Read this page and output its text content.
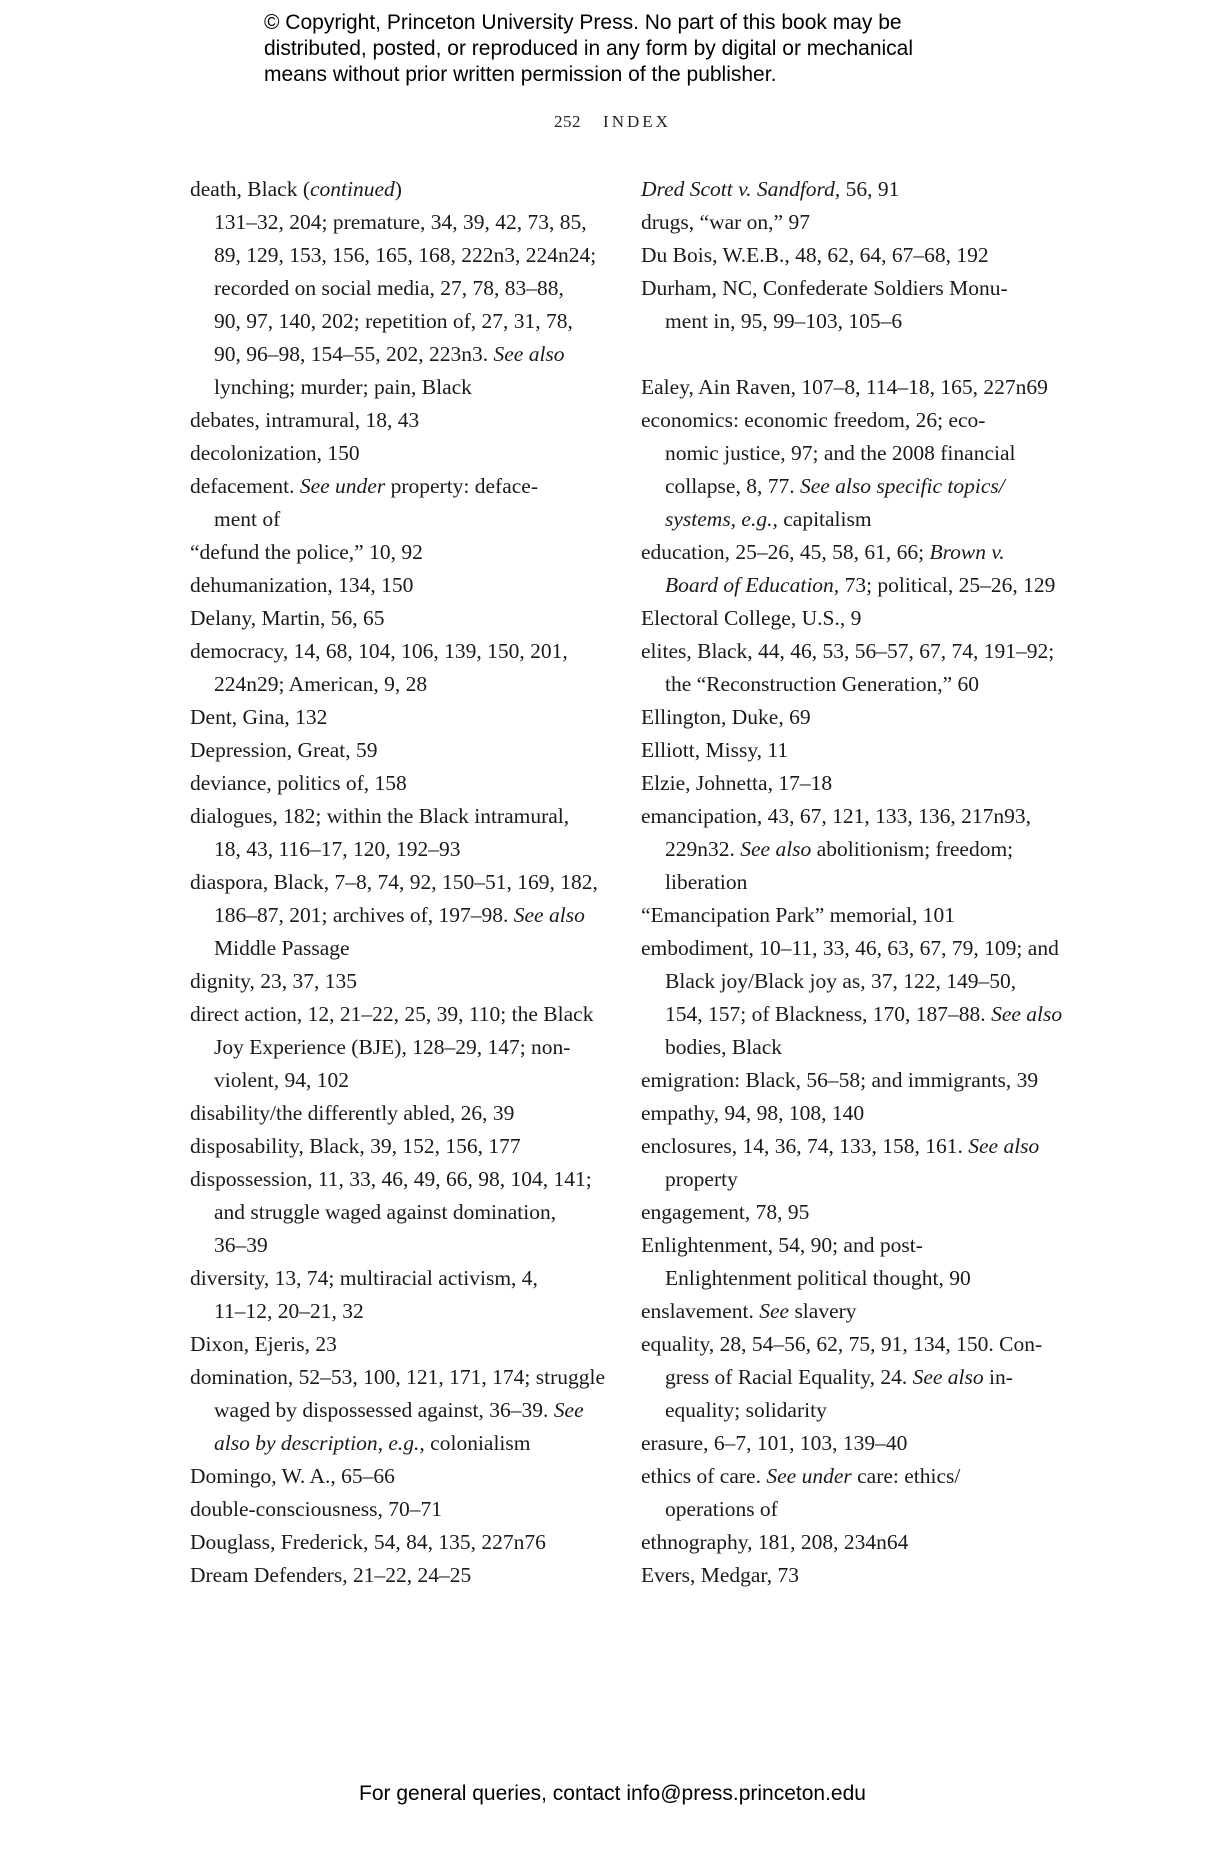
© Copyright, Princeton University Press. No part of this book may be
distributed, posted, or reproduced in any form by digital or mechanical
means without prior written permission of the publisher.
252 INDEX
death, Black (continued)
131–32, 204; premature, 34, 39, 42, 73, 85,
89, 129, 153, 156, 165, 168, 222n3, 224n24;
recorded on social media, 27, 78, 83–88,
90, 97, 140, 202; repetition of, 27, 31, 78,
90, 96–98, 154–55, 202, 223n3. See also
lynching; murder; pain, Black
debates, intramural, 18, 43
decolonization, 150
defacement. See under property: deface-
ment of
“defund the police,” 10, 92
dehumanization, 134, 150
Delany, Martin, 56, 65
democracy, 14, 68, 104, 106, 139, 150, 201,
224n29; American, 9, 28
Dent, Gina, 132
Depression, Great, 59
deviance, politics of, 158
dialogues, 182; within the Black intramural,
18, 43, 116–17, 120, 192–93
diaspora, Black, 7–8, 74, 92, 150–51, 169, 182,
186–87, 201; archives of, 197–98. See also
Middle Passage
dignity, 23, 37, 135
direct action, 12, 21–22, 25, 39, 110; the Black
Joy Experience (BJE), 128–29, 147; non-
violent, 94, 102
disability/the differently abled, 26, 39
disposability, Black, 39, 152, 156, 177
dispossession, 11, 33, 46, 49, 66, 98, 104, 141;
and struggle waged against domination,
36–39
diversity, 13, 74; multiracial activism, 4,
11–12, 20–21, 32
Dixon, Ejeris, 23
domination, 52–53, 100, 121, 171, 174; struggle
waged by dispossessed against, 36–39. See
also by description, e.g., colonialism
Domingo, W. A., 65–66
double-consciousness, 70–71
Douglass, Frederick, 54, 84, 135, 227n76
Dream Defenders, 21–22, 24–25
Dred Scott v. Sandford, 56, 91
drugs, “war on,” 97
Du Bois, W.E.B., 48, 62, 64, 67–68, 192
Durham, NC, Confederate Soldiers Monu-
ment in, 95, 99–103, 105–6
Ealey, Ain Raven, 107–8, 114–18, 165, 227n69
economics: economic freedom, 26; eco-
nomic justice, 97; and the 2008 financial
collapse, 8, 77. See also specific topics/
systems, e.g., capitalism
education, 25–26, 45, 58, 61, 66; Brown v.
Board of Education, 73; political, 25–26, 129
Electoral College, U.S., 9
elites, Black, 44, 46, 53, 56–57, 67, 74, 191–92;
the “Reconstruction Generation,” 60
Ellington, Duke, 69
Elliott, Missy, 11
Elzie, Johnetta, 17–18
emancipation, 43, 67, 121, 133, 136, 217n93,
229n32. See also abolitionism; freedom;
liberation
“Emancipation Park” memorial, 101
embodiment, 10–11, 33, 46, 63, 67, 79, 109; and
Black joy/Black joy as, 37, 122, 149–50,
154, 157; of Blackness, 170, 187–88. See also
bodies, Black
emigration: Black, 56–58; and immigrants, 39
empathy, 94, 98, 108, 140
enclosures, 14, 36, 74, 133, 158, 161. See also
property
engagement, 78, 95
Enlightenment, 54, 90; and post-
Enlightenment political thought, 90
enslavement. See slavery
equality, 28, 54–56, 62, 75, 91, 134, 150. Con-
gress of Racial Equality, 24. See also in-
equality; solidarity
erasure, 6–7, 101, 103, 139–40
ethics of care. See under care: ethics/
operations of
ethnography, 181, 208, 234n64
Evers, Medgar, 73
For general queries, contact info@press.princeton.edu
